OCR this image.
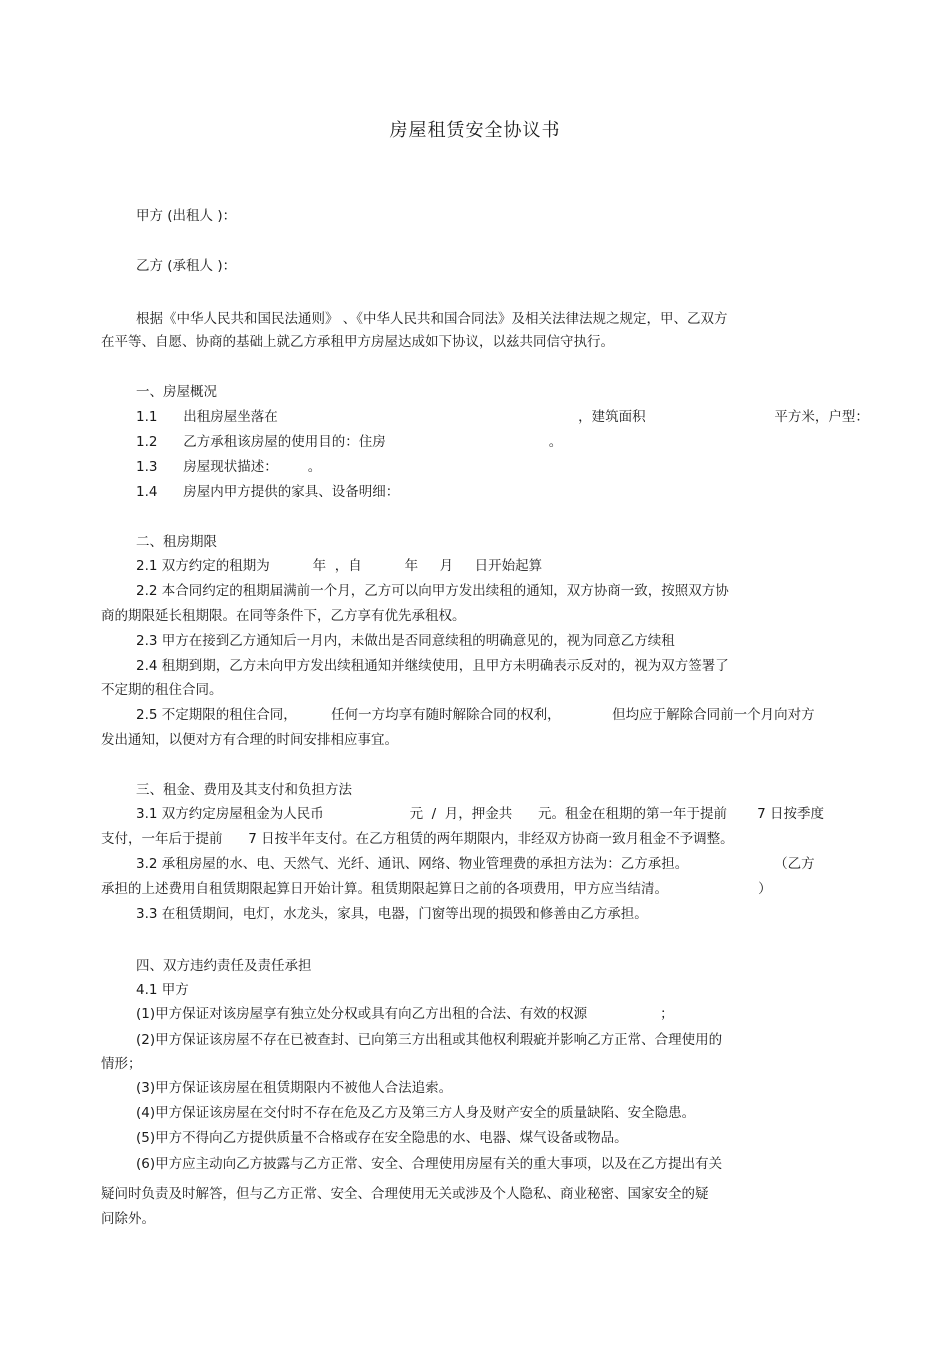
房屋租赁安全协议书
甲方 (出租人 )：
乙方 (承租人 )：
根据《中华人民共和国民法通则》 、《中华人民共和国合同法》及相关法律法规之规定，甲、乙双方
在平等、自愿、协商的基础上就乙方承租甲方房屋达成如下协议，以兹共同信守执行。
一、房屋概况
1.1      出租房屋坐落在                                                                      ，建筑面积                              平方米，户型：
1.2      乙方承租该房屋的使用目的：住房                                      。
1.3      房屋现状描述：       。
1.4      房屋内甲方提供的家具、设备明细：
二、租房期限
2.1 双方约定的租期为          年  ，自          年     月     日开始起算
2.2 本合同约定的租期届满前一个月，乙方可以向甲方发出续租的通知，双方协商一致，按照双方协
商的期限延长租期限。在同等条件下，乙方享有优先承租权。
2.3 甲方在接到乙方通知后一月内，未做出是否同意续租的明确意见的，视为同意乙方续租
2.4 租期到期，乙方未向甲方发出续租通知并继续使用，且甲方未明确表示反对的，视为双方签署了
不定期的租住合同。
2.5 不定期限的租住合同，        任何一方均享有随时解除合同的权利，            但均应于解除合同前一个月向对方
发出通知，以便对方有合理的时间安排相应事宜。
三、租金、费用及其支付和负担方法
3.1 双方约定房屋租金为人民币                    元  /  月，押金共      元。租金在租期的第一年于提前       7 日按季度
支付，一年后于提前      7 日按半年支付。在乙方租赁的两年期限内，非经双方协商一致月租金不予调整。
3.2 承租房屋的水、电、天然气、光纤、通讯、网络、物业管理费的承担方法为：乙方承担。                    （乙方
承担的上述费用自租赁期限起算日开始计算。租赁期限起算日之前的各项费用，甲方应当结清。                     ）
3.3 在租赁期间，电灯，水龙头，家具，电器，门窗等出现的损毁和修善由乙方承担。
四、双方违约责任及责任承担
4.1 甲方
(1)甲方保证对该房屋享有独立处分权或具有向乙方出租的合法、有效的权源                 ；
(2)甲方保证该房屋不存在已被查封、已向第三方出租或其他权利瑕疵并影响乙方正常、合理使用的
情形；
(3)甲方保证该房屋在租赁期限内不被他人合法追索。
(4)甲方保证该房屋在交付时不存在危及乙方及第三方人身及财产安全的质量缺陷、安全隐患。
(5)甲方不得向乙方提供质量不合格或存在安全隐患的水、电器、煤气设备或物品。
(6)甲方应主动向乙方披露与乙方正常、安全、合理使用房屋有关的重大事项，以及在乙方提出有关
疑问时负责及时解答，但与乙方正常、安全、合理使用无关或涉及个人隐私、商业秘密、国家安全的疑
问除外。
